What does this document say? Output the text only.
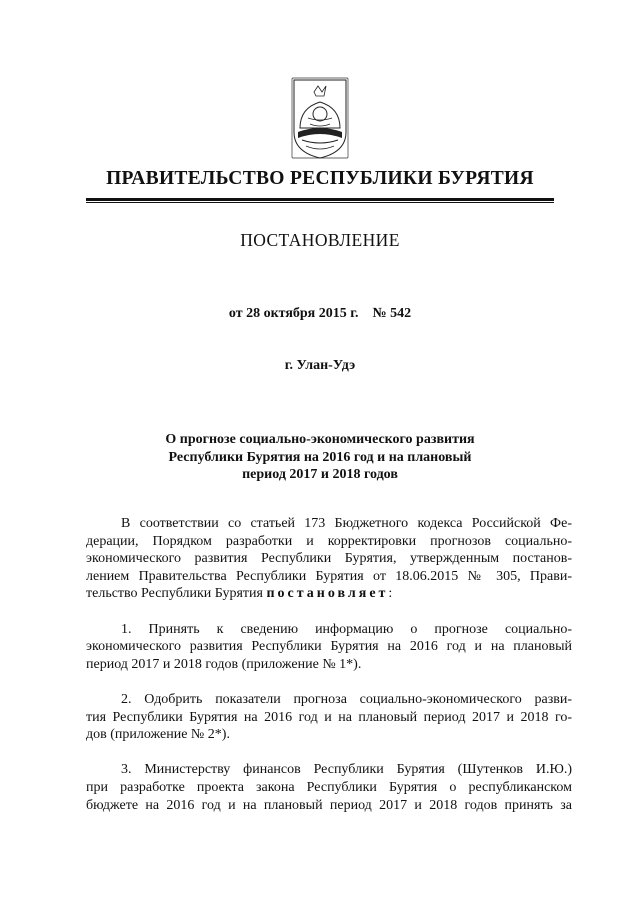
ПРАВИТЕЛЬСТВО РЕСПУБЛИКИ БУРЯТИЯ
ПОСТАНОВЛЕНИЕ
от 28 октября 2015 г. № 542
г. Улан-Удэ
О прогнозе социально-экономического развития
Республики Бурятия на 2016 год и на плановый
период 2017 и 2018 годов
В соответствии со статьей 173 Бюджетного кодекса Российской Фе-
дерации, Порядком разработки и корректировки прогнозов социально-
экономического развития Республики Бурятия, утвержденным постанов-
лением Правительства Республики Бурятия от 18.06.2015 № 305, Прави-
тельство Республики Бурятия постановляет:
1. Принять к сведению информацию о прогнозе социально-
экономического развития Республики Бурятия на 2016 год и на плановый
период 2017 и 2018 годов (приложение № 1*).
2. Одобрить показатели прогноза социально-экономического разви-
тия Республики Бурятия на 2016 год и на плановый период 2017 и 2018 го-
дов (приложение № 2*).
3. Министерству финансов Республики Бурятия (Шутенков И.Ю.)
при разработке проекта закона Республики Бурятия о республиканском
бюджете на 2016 год и на плановый период 2017 и 2018 годов принять за
